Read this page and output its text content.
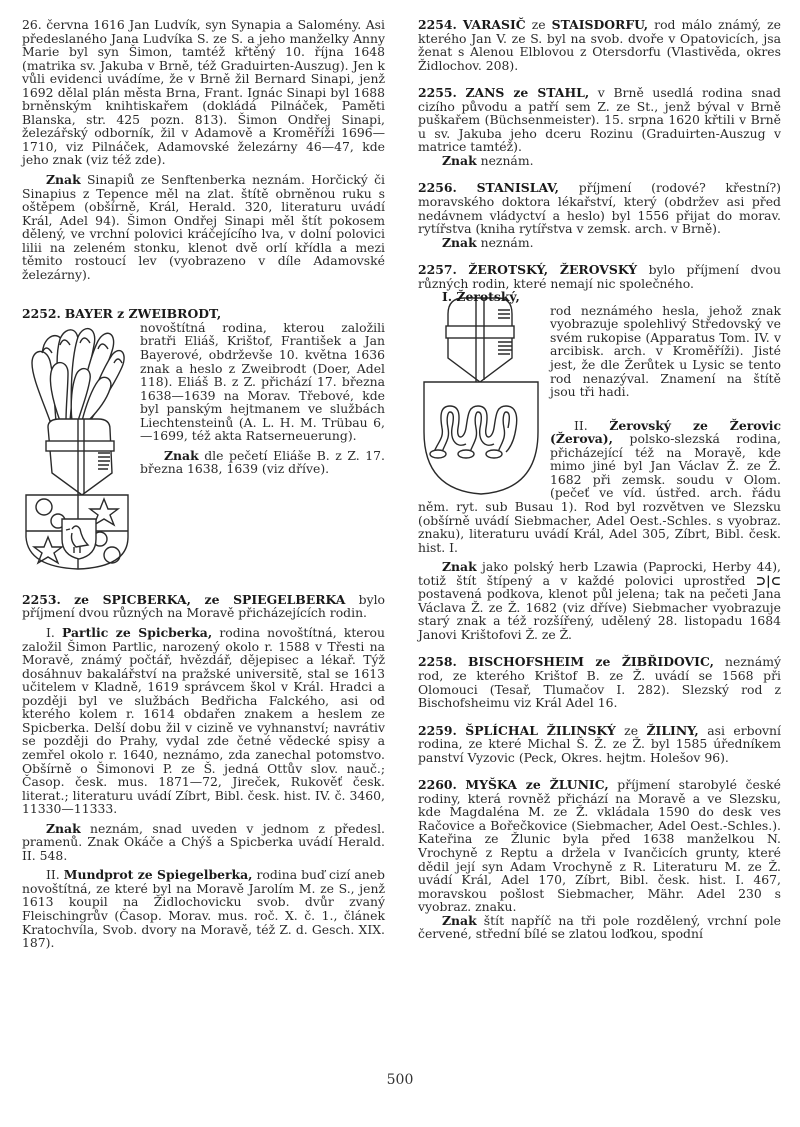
26. června 1616 Jan Ludvík, syn Synapia a Salomény. Asi předeslaného Jana Ludvíka S. ze S. a jeho manželky Anny Marie byl syn Šimon, tamtéž křtěný 10. října 1648 (matrika sv. Jakuba v Brně, též Graduirten-Auszug). Jen k vůli evidenci uvádíme, že v Brně žil Bernard Sinapi, jenž 1692 dělal plán města Brna, Frant. Ignác Sinapi byl 1688 brněnským knihtiskařem (dokládá Pilnáček, Paměti Blanska, str. 425 pozn. 813). Šimon Ondřej Sinapi, železářský odborník, žil v Adamově a Kroměříži 1696—1710, viz Pilnáček, Adamovské železárny 46—47, kde jeho znak (viz též zde).

Znak Sinapiů ze Senftenberka neznám. Horčický či Sinapius z Tepence měl na zlat. štítě obrněnou ruku s oštěpem (obšírně, Král, Herald. 320, literaturu uvádí Král, Adel 94). Šimon Ondřej Sinapi měl štít pokosem dělený, ve vrchní polovici kráčejícího lva, v dolní polovici lilii na zeleném stonku, klenot dvě orlí křídla a mezi těmito rostoucí lev (vyobrazeno v díle Adamovské železárny).

2252. BAYER z ZWEIBRODT,

novoštítná rodina, kterou založili bratři Eliáš, Krištof, František a Jan Bayerové, obdrževše 10. května 1636 znak a heslo z Zweibrodt (Doer, Adel 118). Eliáš B. z Z. přichází 17. března 1638—1639 na Morav. Třebové, kde byl panským hejtmanem ve službách Liechtensteinů (A. L. H. M. Trübau 6, —1699, též akta Ratserneuerung).

Znak dle pečetí Eliáše B. z Z. 17. března 1638, 1639 (viz dříve).

2253. ze SPICBERKA, ze SPIEGELBERKA bylo příjmení dvou různých na Moravě přicházejících rodin.

I. Partlic ze Spicberka, rodina novoštítná, kterou založil Šimon Partlic, narozený okolo r. 1588 v Třesti na Moravě, známý počtář, hvězdář, dějepisec a lékař. Týž dosáhnuv bakalářství na pražské universitě, stal se 1613 učitelem v Kladně, 1619 správcem škol v Král. Hradci a později byl ve službách Bedřicha Falckého, asi od kterého kolem r. 1614 obdařen znakem a heslem ze Spicberka. Delší dobu žil v cizině ve vyhnanství; navrátiv se později do Prahy, vydal zde četné vědecké spisy a zemřel okolo r. 1640, neznámo, zda zanechal potomstvo. Obšírně o Šimonovi P. ze Š. jedná Ottův slov. nauč.; Časop. česk. mus. 1871—72, Jireček, Rukověť česk. literat.; literaturu uvádí Zíbrt, Bibl. česk. hist. IV. č. 3460, 11330—11333.

Znak neznám, snad uveden v jednom z předesl. pramenů. Znak Okáče a Chýš a Spicberka uvádí Herald. II. 548.

II. Mundprot ze Spiegelberka, rodina buď cizí aneb novoštítná, ze které byl na Moravě Jarolím M. ze S., jenž 1613 koupil na Židlochovicku svob. dvůr zvaný Fleischingrův (Časop. Morav. mus. roč. X. č. 1., článek Kratochvíla, Svob. dvory na Moravě, též Z. d. Gesch. XIX. 187).

2254. VARASIČ ze STAISDORFU, rod málo známý, ze kterého Jan V. ze S. byl na svob. dvoře v Opatovicích, jsa ženat s Alenou Elblovou z Otersdorfu (Vlastivěda, okres Židlochov. 208).

2255. ZANS ze STAHL, v Brně usedlá rodina snad cizího původu a patří sem Z. ze St., jenž býval v Brně puškařem (Büchsenmeister). 15. srpna 1620 křtili v Brně u sv. Jakuba jeho dceru Rozinu (Graduirten-Auszug v matrice tamtéž).

Znak neznám.

2256. STANISLAV, příjmení (rodové? křestní?) moravského doktora lékařství, který (obdržev asi před nedávnem vládyctví a heslo) byl 1556 přijat do morav. rytířstva (kniha rytířstva v zemsk. arch. v Brně).

Znak neznám.

2257. ŽEROTSKÝ, ŽEROVSKÝ bylo příjmení dvou různých rodin, které nemají nic společného.

I. Žerotský,

rod neznámého hesla, jehož znak vyobrazuje spolehlivý Středovský ve svém rukopise (Apparatus Tom. IV. v arcibisk. arch. v Kroměříži). Jisté jest, že dle Žerůtek u Lysic se tento rod nenazýval. Znamení na štítě jsou tři hadi.

II. Žerovský ze Žerovic (Žerova), polsko-slezská rodina, přicházející též na Moravě, kde mimo jiné byl Jan Václav Ž. ze Ž. 1682 při zemsk. soudu v Olom. (pečeť ve víd. ústřed. arch. řádu něm. ryt. sub Busau 1). Rod byl rozvětven ve Slezsku (obšírně uvádí Siebmacher, Adel Oest.-Schles. s vyobraz. znaku), literaturu uvádí Král, Adel 305, Zíbrt, Bibl. česk. hist. I.

Znak jako polský herb Lzawia (Paprocki, Herby 44), totiž štít štípený a v každé polovici uprostřed ⊃|⊂ postavená podkova, klenot půl jelena; tak na pečeti Jana Václava Ž. ze Ž. 1682 (viz dříve) Siebmacher vyobrazuje starý znak a též rozšířený, udělený 28. listopadu 1684 Janovi Krištofovi Ž. ze Ž.

2258. BISCHOFSHEIM ze ŽIBŘIDOVIC, neznámý rod, ze kterého Krištof B. ze Ž. uvádí se 1568 při Olomouci (Tesař, Tlumačov I. 282). Slezský rod z Bischofsheimu viz Král Adel 16.

2259. ŠPLÍCHAL ŽILINSKÝ ze ŽILINY, asi erbovní rodina, ze které Michal Š. Ž. ze Ž. byl 1585 úředníkem panství Vyzovic (Peck, Okres. hejtm. Holešov 96).

2260. MYŠKA ze ŽLUNIC, příjmení starobylé české rodiny, která rovněž přichází na Moravě a ve Slezsku, kde Magdaléna M. ze Ž. vkládala 1590 do desk ves Račovice a Bořečkovice (Siebmacher, Adel Oest.-Schles.). Kateřina ze Žlunic byla před 1638 manželkou N. Vrochyně z Reptu a držela v Ivančicích grunty, které dědil její syn Adam Vrochyně z R. Literaturu M. ze Ž. uvádí Král, Adel 170, Zíbrt, Bibl. česk. hist. I. 467, moravskou pošlost Siebmacher, Mähr. Adel 230 s vyobraz. znaku.

Znak štít napříč na tři pole rozdělený, vrchní pole červené, střední bílé se zlatou loďkou, spodní

500
